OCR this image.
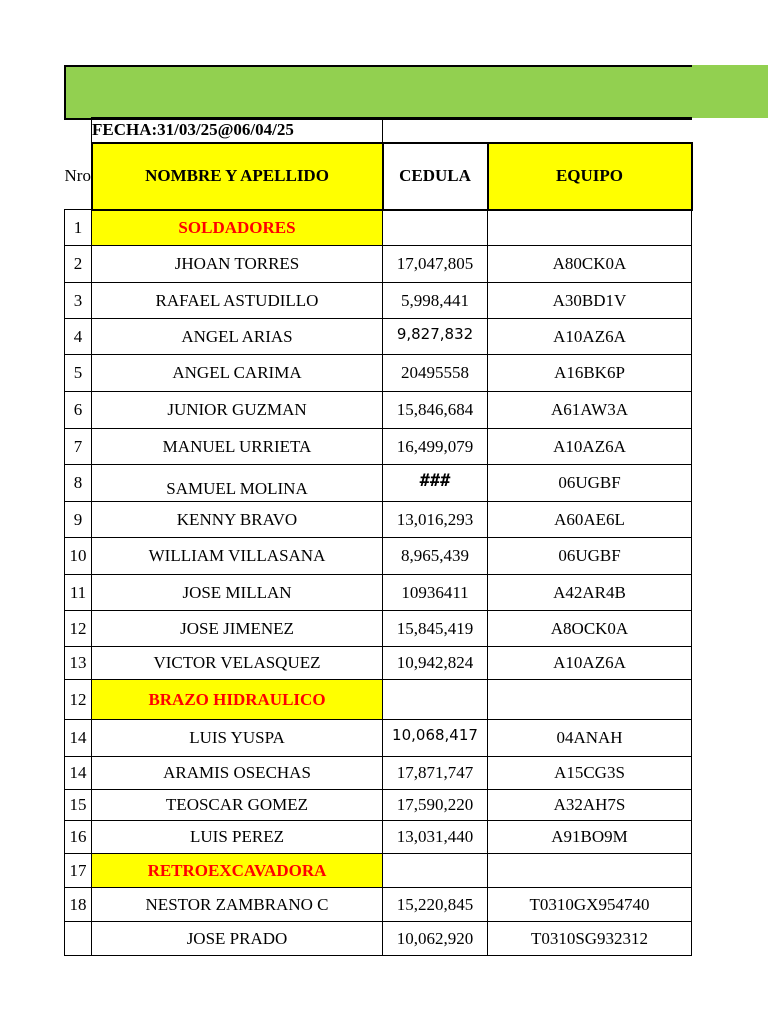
	FECHA:31/03/25@06/04/25		
Nro	NOMBRE Y APELLIDO	CEDULA	EQUIPO
1	SOLDADORES		
2	JHOAN TORRES	17,047,805	A80CK0A
3	RAFAEL ASTUDILLO	5,998,441	A30BD1V
4	ANGEL ARIAS	9,827,832	A10AZ6A
5	ANGEL CARIMA	20495558	A16BK6P
6	JUNIOR GUZMAN	15,846,684	A61AW3A
7	MANUEL URRIETA	16,499,079	A10AZ6A
8	SAMUEL MOLINA	###	06UGBF
9	KENNY BRAVO	13,016,293	A60AE6L
10	WILLIAM VILLASANA	8,965,439	06UGBF
11	JOSE MILLAN	10936411	A42AR4B
12	JOSE JIMENEZ	15,845,419	A8OCK0A
13	VICTOR VELASQUEZ	10,942,824	A10AZ6A
12	BRAZO HIDRAULICO		
14	LUIS YUSPA	10,068,417	04ANAH
14	ARAMIS OSECHAS	17,871,747	A15CG3S
15	TEOSCAR GOMEZ	17,590,220	A32AH7S
16	LUIS PEREZ	13,031,440	A91BO9M
17	RETROEXCAVADORA		
18	NESTOR ZAMBRANO C	15,220,845	T0310GX954740
	JOSE PRADO	10,062,920	T0310SG932312
